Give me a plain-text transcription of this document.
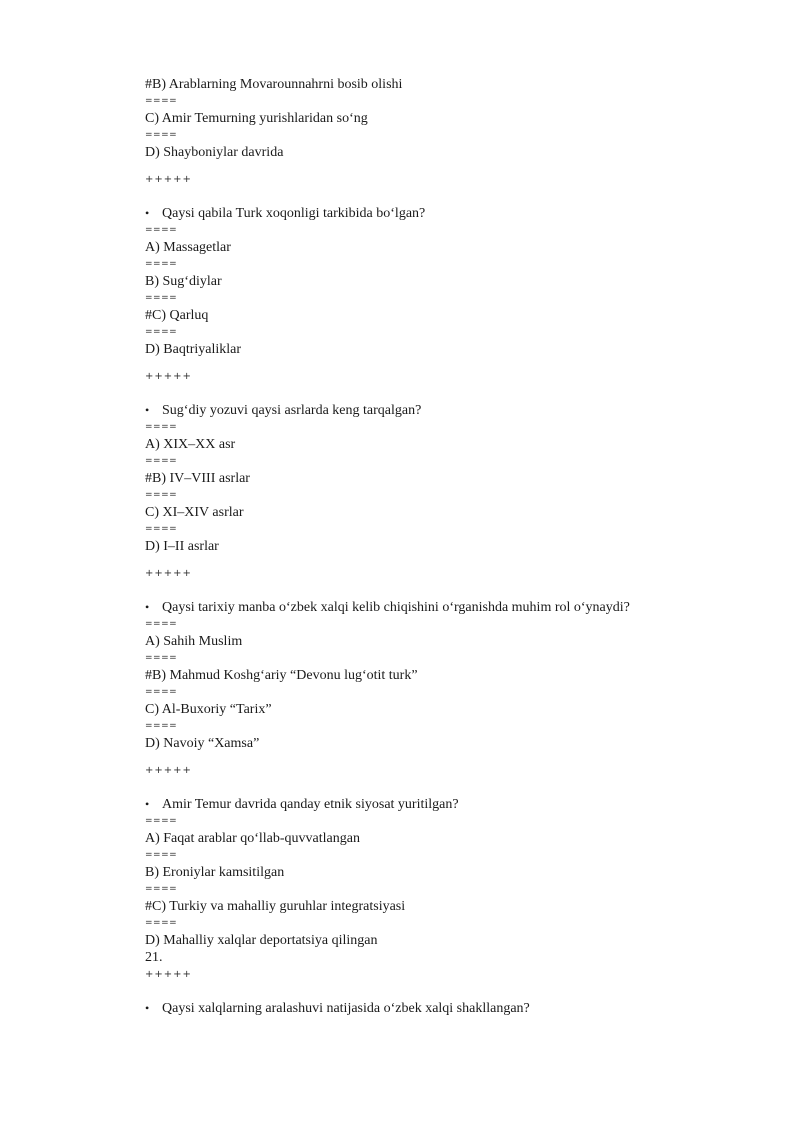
#B) Arablarning Movarounnahrni bosib olishi
====
C) Amir Temurning yurishlaridan so‘ng
====
D) Shayboniylar davrida
+++++
• Qaysi qabila Turk xoqonligi tarkibida bo‘lgan?
====
A) Massagetlar
====
B) Sug‘diylar
====
#C) Qarluq
====
D) Baqtriyaliklar
+++++
• Sug‘diy yozuvi qaysi asrlarda keng tarqalgan?
====
A) XIX–XX asr
====
#B) IV–VIII asrlar
====
C) XI–XIV asrlar
====
D) I–II asrlar
+++++
• Qaysi tarixiy manba o‘zbek xalqi kelib chiqishini o‘rganishda muhim rol o‘ynaydi?
====
A) Sahih Muslim
====
#B) Mahmud Koshg‘ariy “Devonu lug‘otit turk”
====
C) Al-Buxoriy “Tarix”
====
D) Navoiy “Xamsa”
+++++
• Amir Temur davrida qanday etnik siyosat yuritilgan?
====
A) Faqat arablar qo‘llab-quvvatlangan
====
B) Eroniylar kamsitilgan
====
#C) Turkiy va mahalliy guruhlar integratsiyasi
====
D) Mahalliy xalqlar deportatsiya qilingan
21.
+++++
• Qaysi xalqlarning aralashuvi natijasida o‘zbek xalqi shakllangan?
